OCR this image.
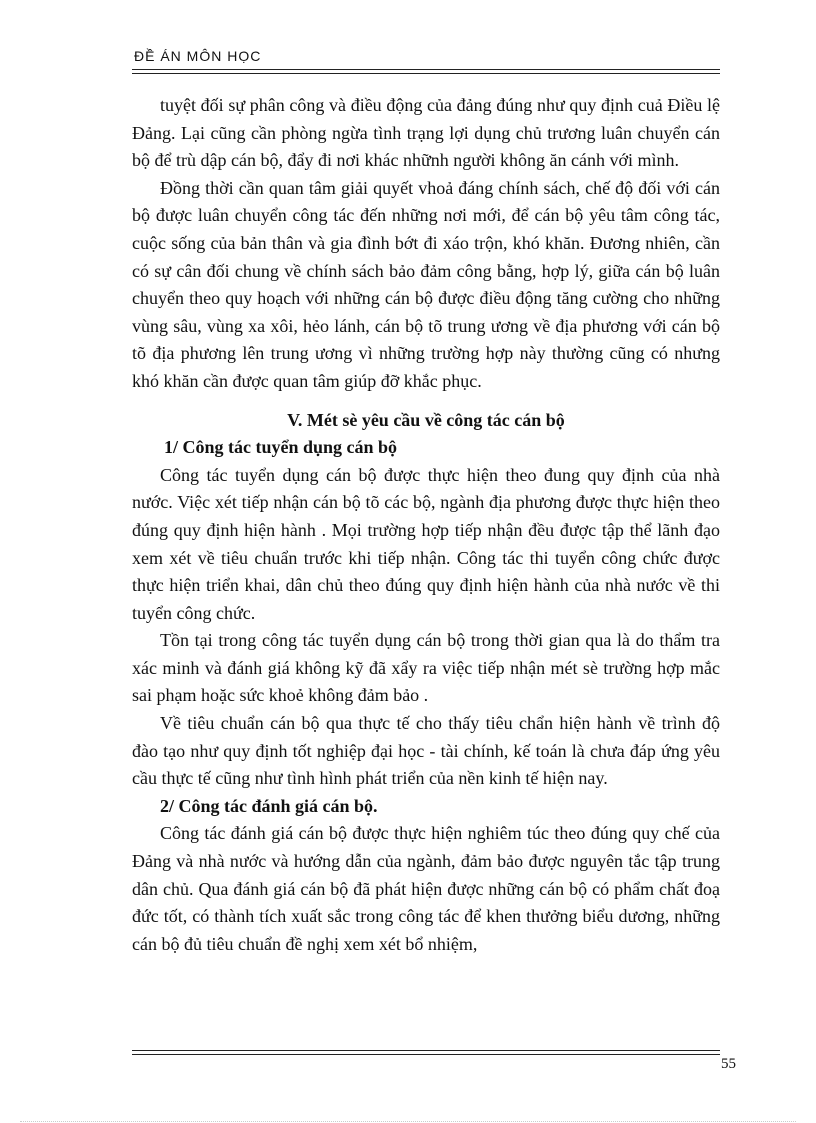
ĐỀ ÁN MÔN HỌC

tuyệt đối sự phân công và điều động của đảng đúng như quy định cuả Điều lệ Đảng. Lại cũng cần phòng ngừa tình trạng lợi dụng chủ trương luân chuyển cán bộ để trù dập cán bộ, đẩy đi nơi khác nhữnh người không ăn cánh với mình.

Đồng thời cần quan tâm giải quyết vhoả đáng chính sách, chế độ đối với cán bộ được luân chuyển công tác đến những nơi mới, để cán bộ yêu tâm công tác, cuộc sống của bản thân và gia đình bớt đi xáo trộn, khó khăn. Đương nhiên, cần có sự cân đối chung về chính sách bảo đảm công bằng, hợp lý, giữa cán bộ luân chuyển theo quy hoạch với những cán bộ được điều động tăng cường cho những vùng sâu, vùng xa xôi, hẻo lánh, cán bộ tõ trung ương về địa phương với cán bộ tõ địa phương lên trung ương vì những trường hợp này thường cũng có nhưng khó khăn cần được quan tâm giúp đỡ khắc phục.

V. Mét sè yêu cầu về công tác cán bộ

1/ Công tác tuyển dụng cán bộ

Công tác tuyển dụng cán bộ được thực hiện theo đung quy định của nhà nước. Việc xét tiếp nhận cán bộ tõ các bộ, ngành địa phương được thực hiện theo đúng quy định hiện hành . Mọi trường hợp tiếp nhận đều được tập thể lãnh đạo xem xét về tiêu chuẩn trước khi tiếp nhận. Công tác thi tuyển công chức được thực hiện triển khai, dân chủ theo đúng quy định hiện hành của nhà nước về thi tuyển công chức.

Tồn tại trong công tác tuyển dụng cán bộ trong thời gian qua là do thẩm tra xác minh và đánh giá không kỹ đã xẩy ra việc tiếp nhận mét sè trường hợp mắc sai phạm hoặc sức khoẻ không đảm bảo .

Về tiêu chuẩn cán bộ qua thực tế cho thấy tiêu chẩn hiện hành về trình độ đào tạo như quy định tốt nghiệp đại học - tài chính, kế toán là chưa đáp ứng yêu cầu thực tế cũng như tình hình phát triển của nền kinh tế hiện nay.

2/ Công tác đánh giá cán bộ.

Công tác đánh giá cán bộ được thực hiện nghiêm túc theo đúng quy chế của Đảng và nhà nước và hướng dẫn của ngành, đảm bảo được nguyên tắc tập trung dân chủ. Qua đánh giá cán bộ đã phát hiện được những cán bộ có phẩm chất đoạ đức tốt, có thành tích xuất sắc trong công tác để khen thưởng biểu dương, những cán bộ đủ tiêu chuẩn đề nghị xem xét bổ nhiệm,

55
